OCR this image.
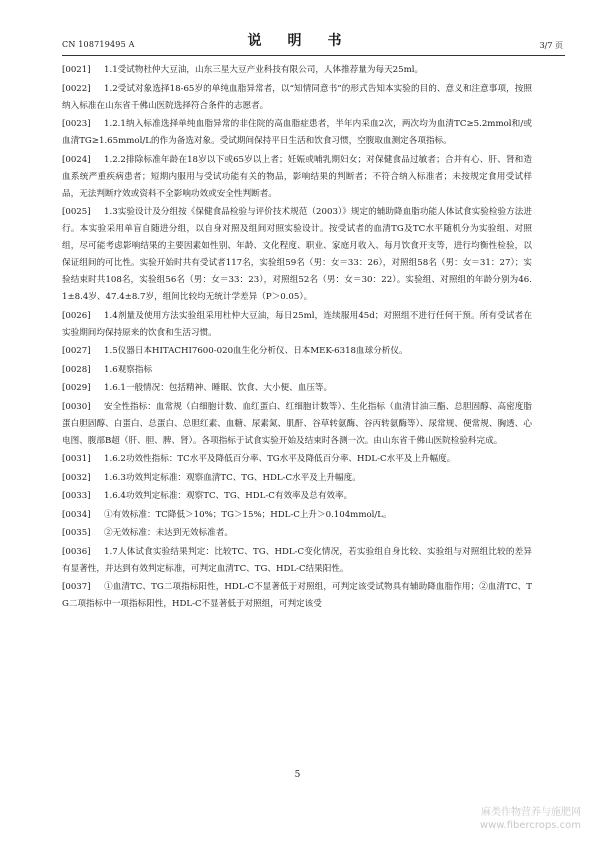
CN 108719495 A	说　明　书	3/7 页

[0021] 1.1受试物杜仲大豆油，山东三星大豆产业科技有限公司，人体推荐量为每天25ml。

[0022] 1.2受试对象选择18-65岁的单纯血脂异常者，以“知情同意书”的形式告知本实验的目的、意义和注意事项，按照纳入标准在山东省千佛山医院选择符合条件的志愿者。

[0023] 1.2.1纳入标准选择单纯血脂异常的非住院的高血脂症患者，半年内采血2次，两次均为血清TC≥5.2mmol和/或血清TG≥1.65mmol/L的作为备选对象。受试期间保持平日生活和饮食习惯，空腹取血测定各项指标。

[0024] 1.2.2排除标准年龄在18岁以下或65岁以上者；妊娠或哺乳期妇女；对保健食品过敏者；合并有心、肝、肾和造血系统严重疾病患者；短期内服用与受试功能有关的物品，影响结果的判断者；不符合纳入标准者；未按规定食用受试样品，无法判断疗效或资料不全影响功效或安全性判断者。

[0025] 1.3实验设计及分组按《保健食品检验与评价技术规范（2003）》规定的辅助降血脂功能人体试食实验检验方法进行。本实验采用单盲自随进分组，以自身对照及组间对照实验设计。按受试者的血清TG及TC水平随机分为实验组、对照组，尽可能考虑影响结果的主要因素如性别、年龄、文化程度、职业、家庭月收入、每月饮食开支等，进行均衡性检验，以保证组间的可比性。实验开始时共有受试者117名，实验组59名（男：女＝33：26），对照组58名（男：女＝31：27）；实验结束时共108名，实验组56名（男：女＝33：23），对照组52名（男：女＝30：22）。实验组、对照组的年龄分别为46.1±8.4岁、47.4±8.7岁，组间比较均无统计学差异（P＞0.05）。

[0026] 1.4剂量及使用方法实验组采用杜仲大豆油，每日25ml，连续服用45d；对照组不进行任何干预。所有受试者在实验期间均保持原来的饮食和生活习惯。

[0027] 1.5仪器日本HITACHI7600-020血生化分析仪、日本MEK-6318血球分析仪。

[0028] 1.6观察指标

[0029] 1.6.1一般情况：包括精神、睡眠、饮食、大小便、血压等。

[0030] 安全性指标：血常规（白细胞计数、血红蛋白、红细胞计数等）、生化指标（血清甘油三酯、总胆固醇、高密度脂蛋白胆固醇、白蛋白、总蛋白、总胆红素、血糖、尿素氮、肌酐、谷草转氨酶、谷丙转氨酶等）、尿常规、便常规、胸透、心电图、腹部B超（肝、胆、脾、肾）。各项指标于试食实验开始及结束时各测一次。由山东省千佛山医院检验科完成。

[0031] 1.6.2功效性指标：TC水平及降低百分率、TG水平及降低百分率、HDL-C水平及上升幅度。

[0032] 1.6.3功效判定标准：观察血清TC、TG、HDL-C水平及上升幅度。

[0033] 1.6.4功效判定标准：观察TC、TG、HDL-C有效率及总有效率。

[0034] ①有效标准：TC降低＞10%；TG＞15%；HDL-C上升＞0.104mmol/L。

[0035] ②无效标准：未达到无效标准者。

[0036] 1.7人体试食实验结果判定：比较TC、TG、HDL-C变化情况，若实验组自身比较、实验组与对照组比较的差异有显著性，并达到有效判定标准，可判定血清TC、TG、HDL-C结果阳性。

[0037] ①血清TC、TG二项指标阳性，HDL-C不显著低于对照组，可判定该受试物具有辅助降血脂作用；②血清TC、TG二项指标中一项指标阳性，HDL-C不显著低于对照组，可判定该受

5
麻类作物营养与施肥网
www.fibercrops.com
